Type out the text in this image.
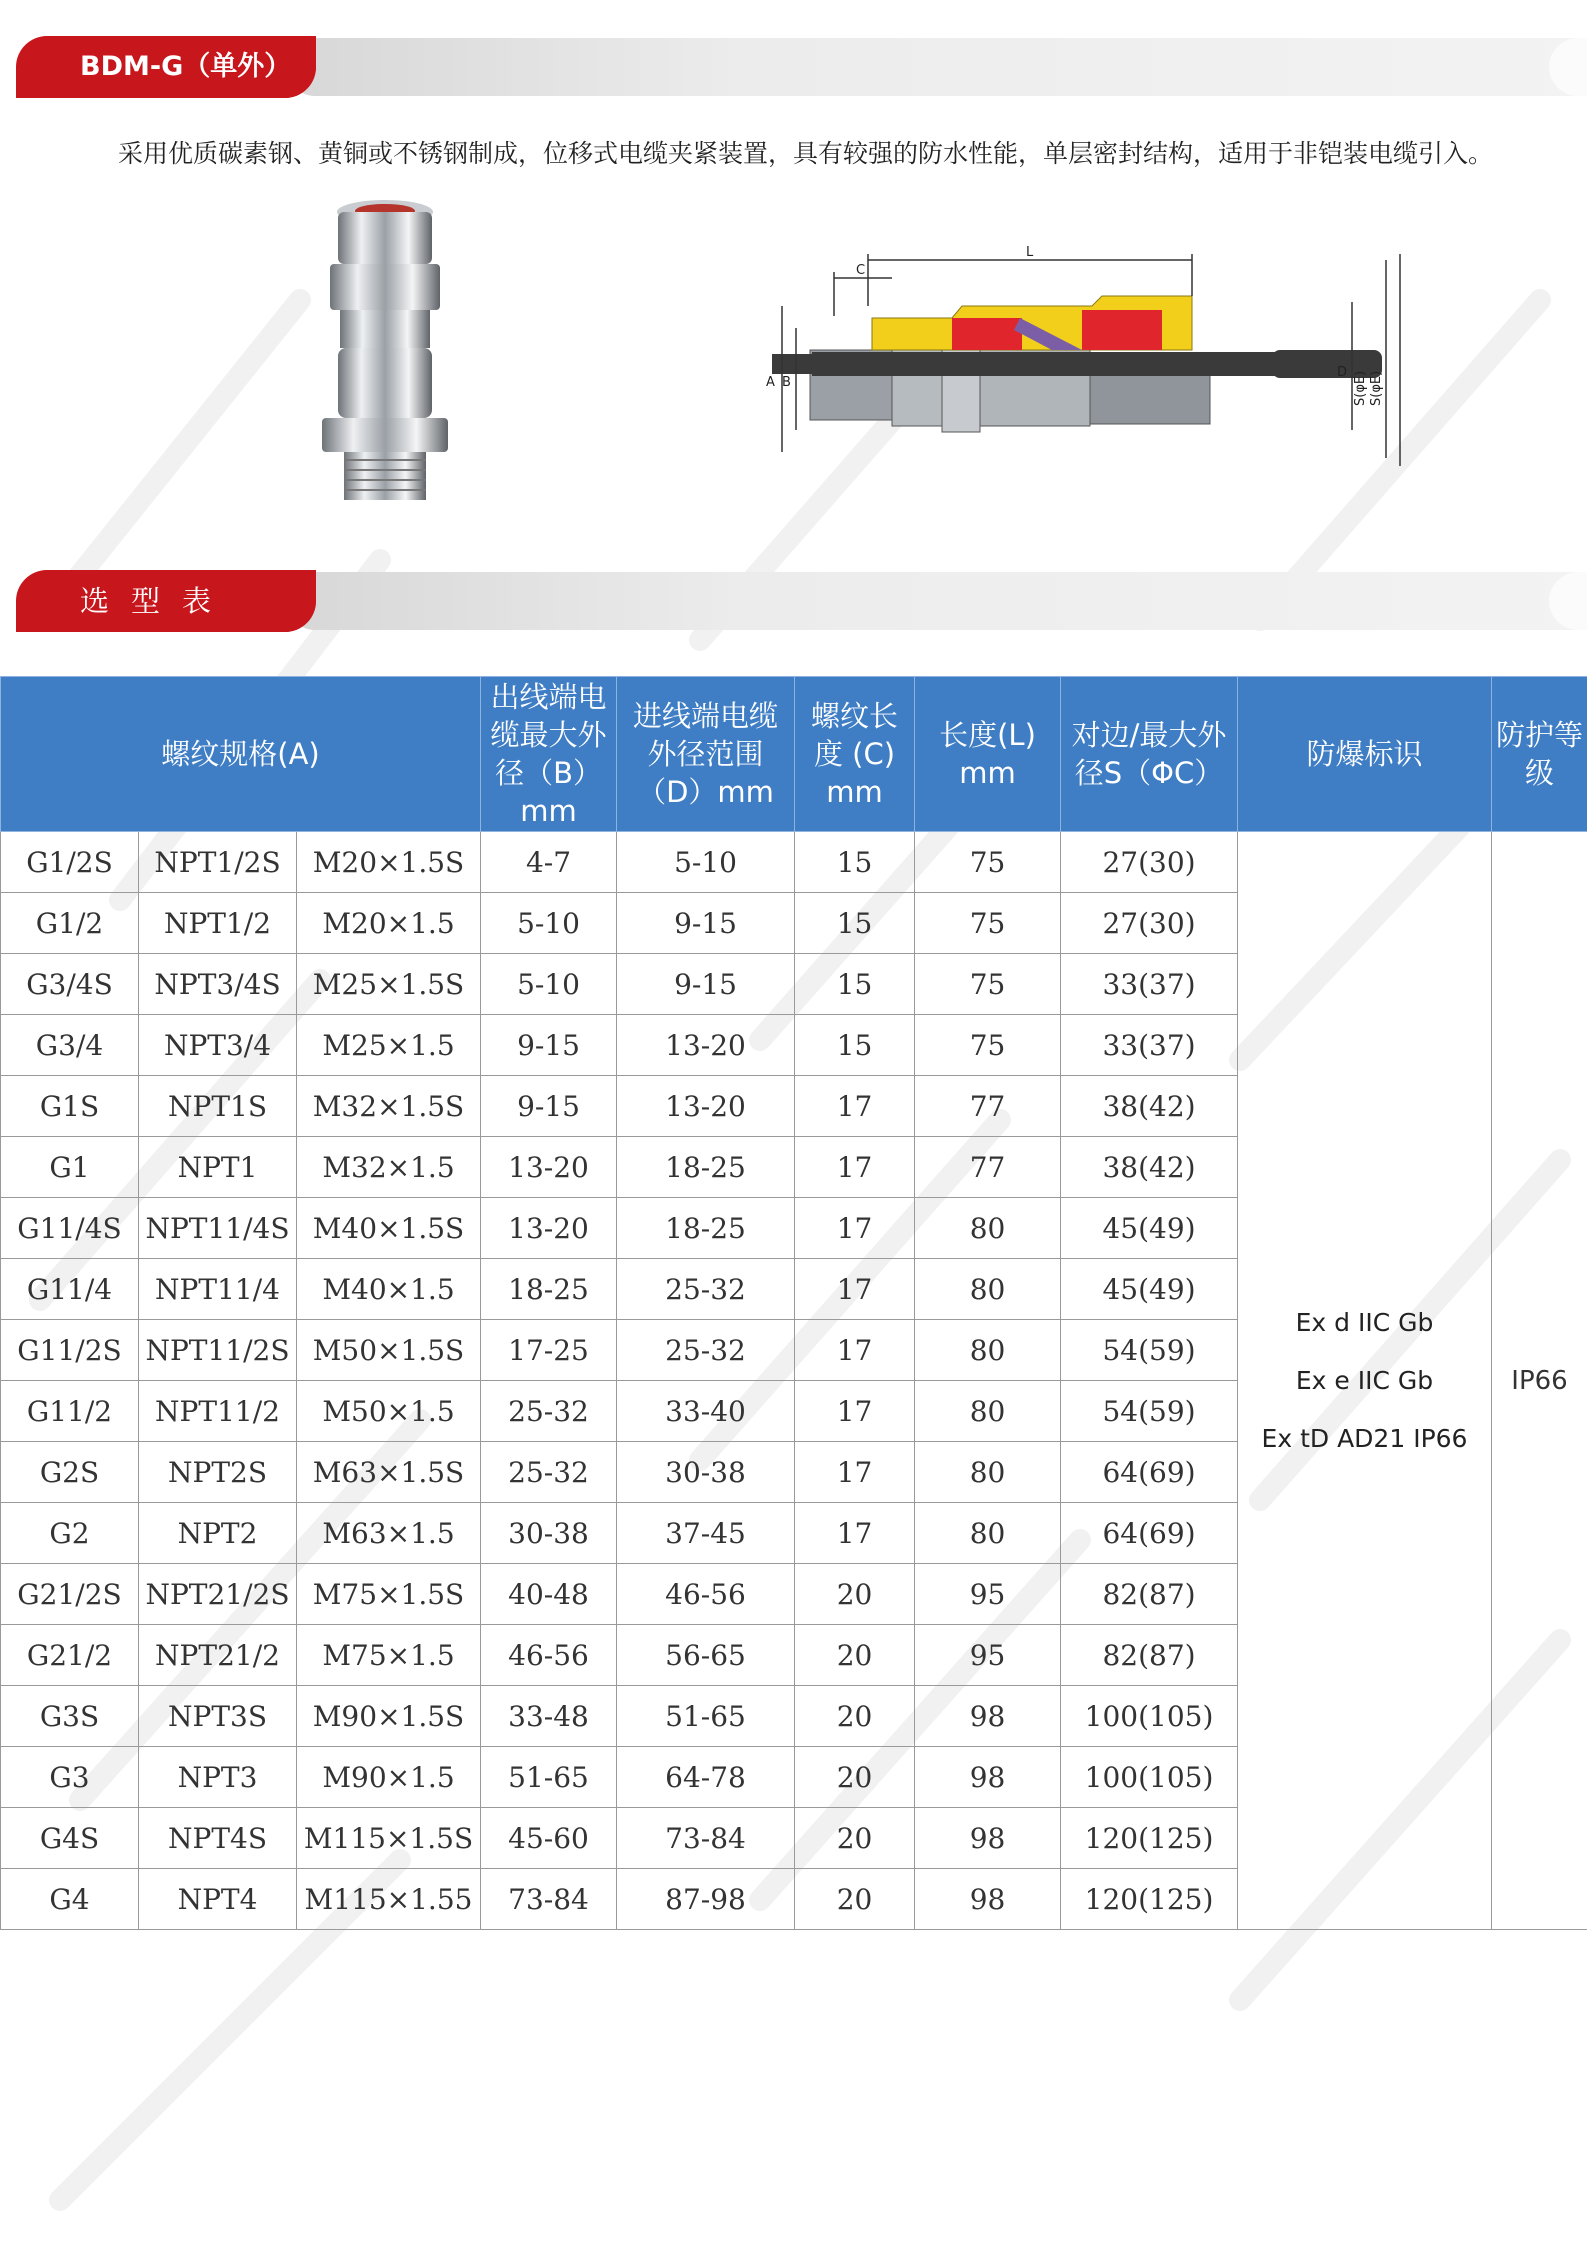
BDM-G（单外）

采用优质碳素钢、黄铜或不锈钢制成，位移式电缆夹紧装置，具有较强的防水性能，单层密封结构，适用于非铠装电缆引入。

L
C
A B
D S(φE) S(φE)
选型表
螺纹规格(A)			出线端电缆最大外径（B）mm	进线端电缆外径范围（D）mm	螺纹长度 (C) mm	长度(L) mm	对边/最大外径S（ΦC）	防爆标识	防护等级
G1/2S	NPT1/2S	M20×1.5S	4-7	5-10	15	75	27(30)	Ex d IIC Gb
Ex e IIC Gb
Ex tD AD21 IP66	IP66
G1/2	NPT1/2	M20×1.5	5-10	9-15	15	75	27(30)		
G3/4S	NPT3/4S	M25×1.5S	5-10	9-15	15	75	33(37)		
G3/4	NPT3/4	M25×1.5	9-15	13-20	15	75	33(37)		
G1S	NPT1S	M32×1.5S	9-15	13-20	17	77	38(42)		
G1	NPT1	M32×1.5	13-20	18-25	17	77	38(42)		
G11/4S	NPT11/4S	M40×1.5S	13-20	18-25	17	80	45(49)		
G11/4	NPT11/4	M40×1.5	18-25	25-32	17	80	45(49)		
G11/2S	NPT11/2S	M50×1.5S	17-25	25-32	17	80	54(59)		
G11/2	NPT11/2	M50×1.5	25-32	33-40	17	80	54(59)		
G2S	NPT2S	M63×1.5S	25-32	30-38	17	80	64(69)		
G2	NPT2	M63×1.5	30-38	37-45	17	80	64(69)		
G21/2S	NPT21/2S	M75×1.5S	40-48	46-56	20	95	82(87)		
G21/2	NPT21/2	M75×1.5	46-56	56-65	20	95	82(87)		
G3S	NPT3S	M90×1.5S	33-48	51-65	20	98	100(105)		
G3	NPT3	M90×1.5	51-65	64-78	20	98	100(105)		
G4S	NPT4S	M115×1.5S	45-60	73-84	20	98	120(125)		
G4	NPT4	M115×1.55	73-84	87-98	20	98	120(125)		
